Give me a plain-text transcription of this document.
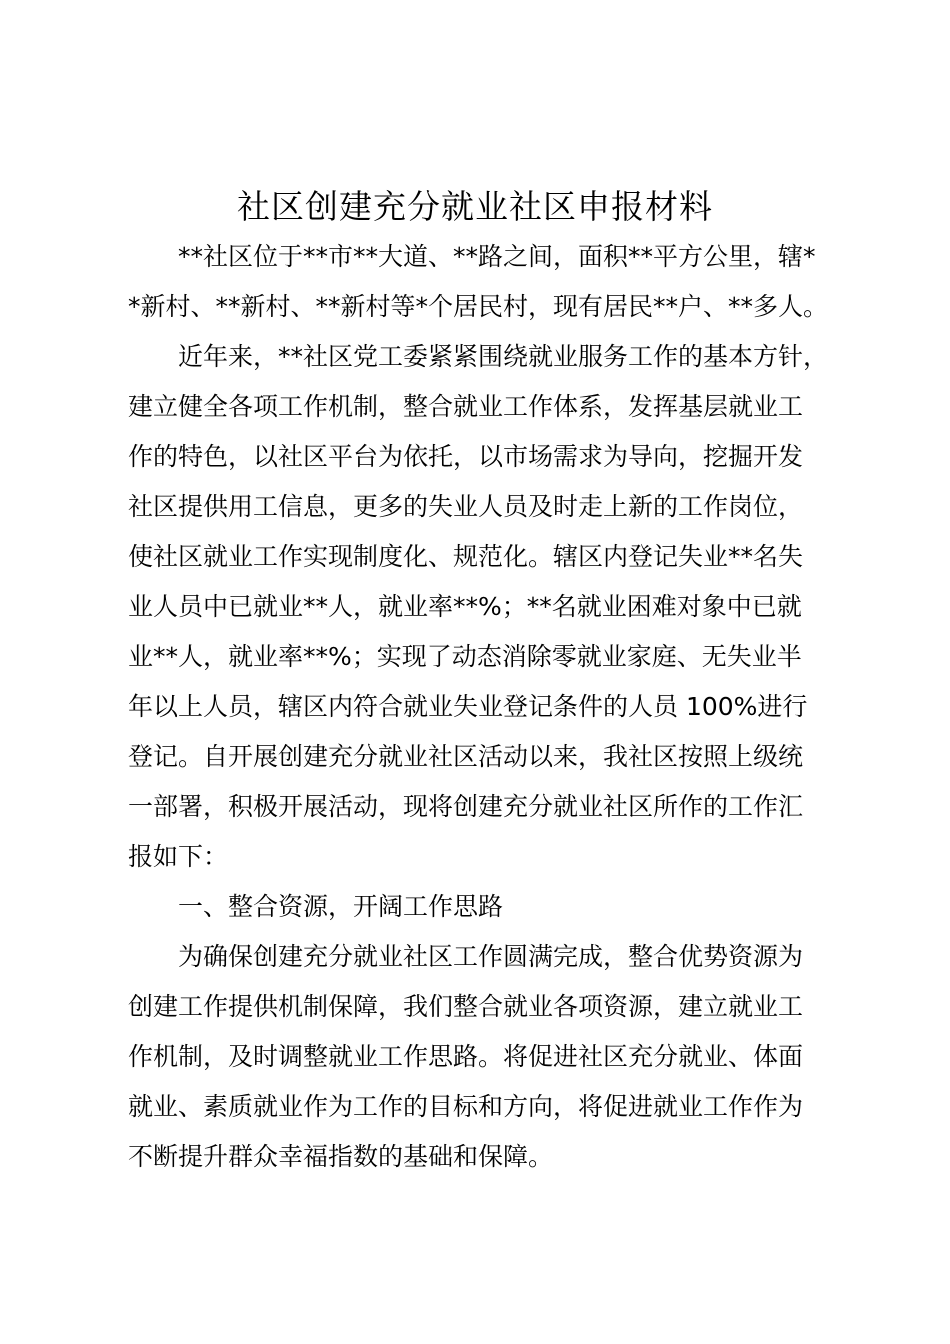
社区创建充分就业社区申报材料
**社区位于**市**大道、**路之间，面积**平方公里，辖*
*新村、**新村、**新村等*个居民村，现有居民**户、**多人。
近年来，**社区党工委紧紧围绕就业服务工作的基本方针，
建立健全各项工作机制，整合就业工作体系，发挥基层就业工
作的特色，以社区平台为依托，以市场需求为导向，挖掘开发
社区提供用工信息，更多的失业人员及时走上新的工作岗位，
使社区就业工作实现制度化、规范化。辖区内登记失业**名失
业人员中已就业**人，就业率**%；**名就业困难对象中已就
业**人，就业率**%；实现了动态消除零就业家庭、无失业半
年以上人员，辖区内符合就业失业登记条件的人员 100%进行
登记。自开展创建充分就业社区活动以来，我社区按照上级统
一部署，积极开展活动，现将创建充分就业社区所作的工作汇
报如下：
一、整合资源，开阔工作思路
为确保创建充分就业社区工作圆满完成，整合优势资源为
创建工作提供机制保障，我们整合就业各项资源，建立就业工
作机制，及时调整就业工作思路。将促进社区充分就业、体面
就业、素质就业作为工作的目标和方向，将促进就业工作作为
不断提升群众幸福指数的基础和保障。
